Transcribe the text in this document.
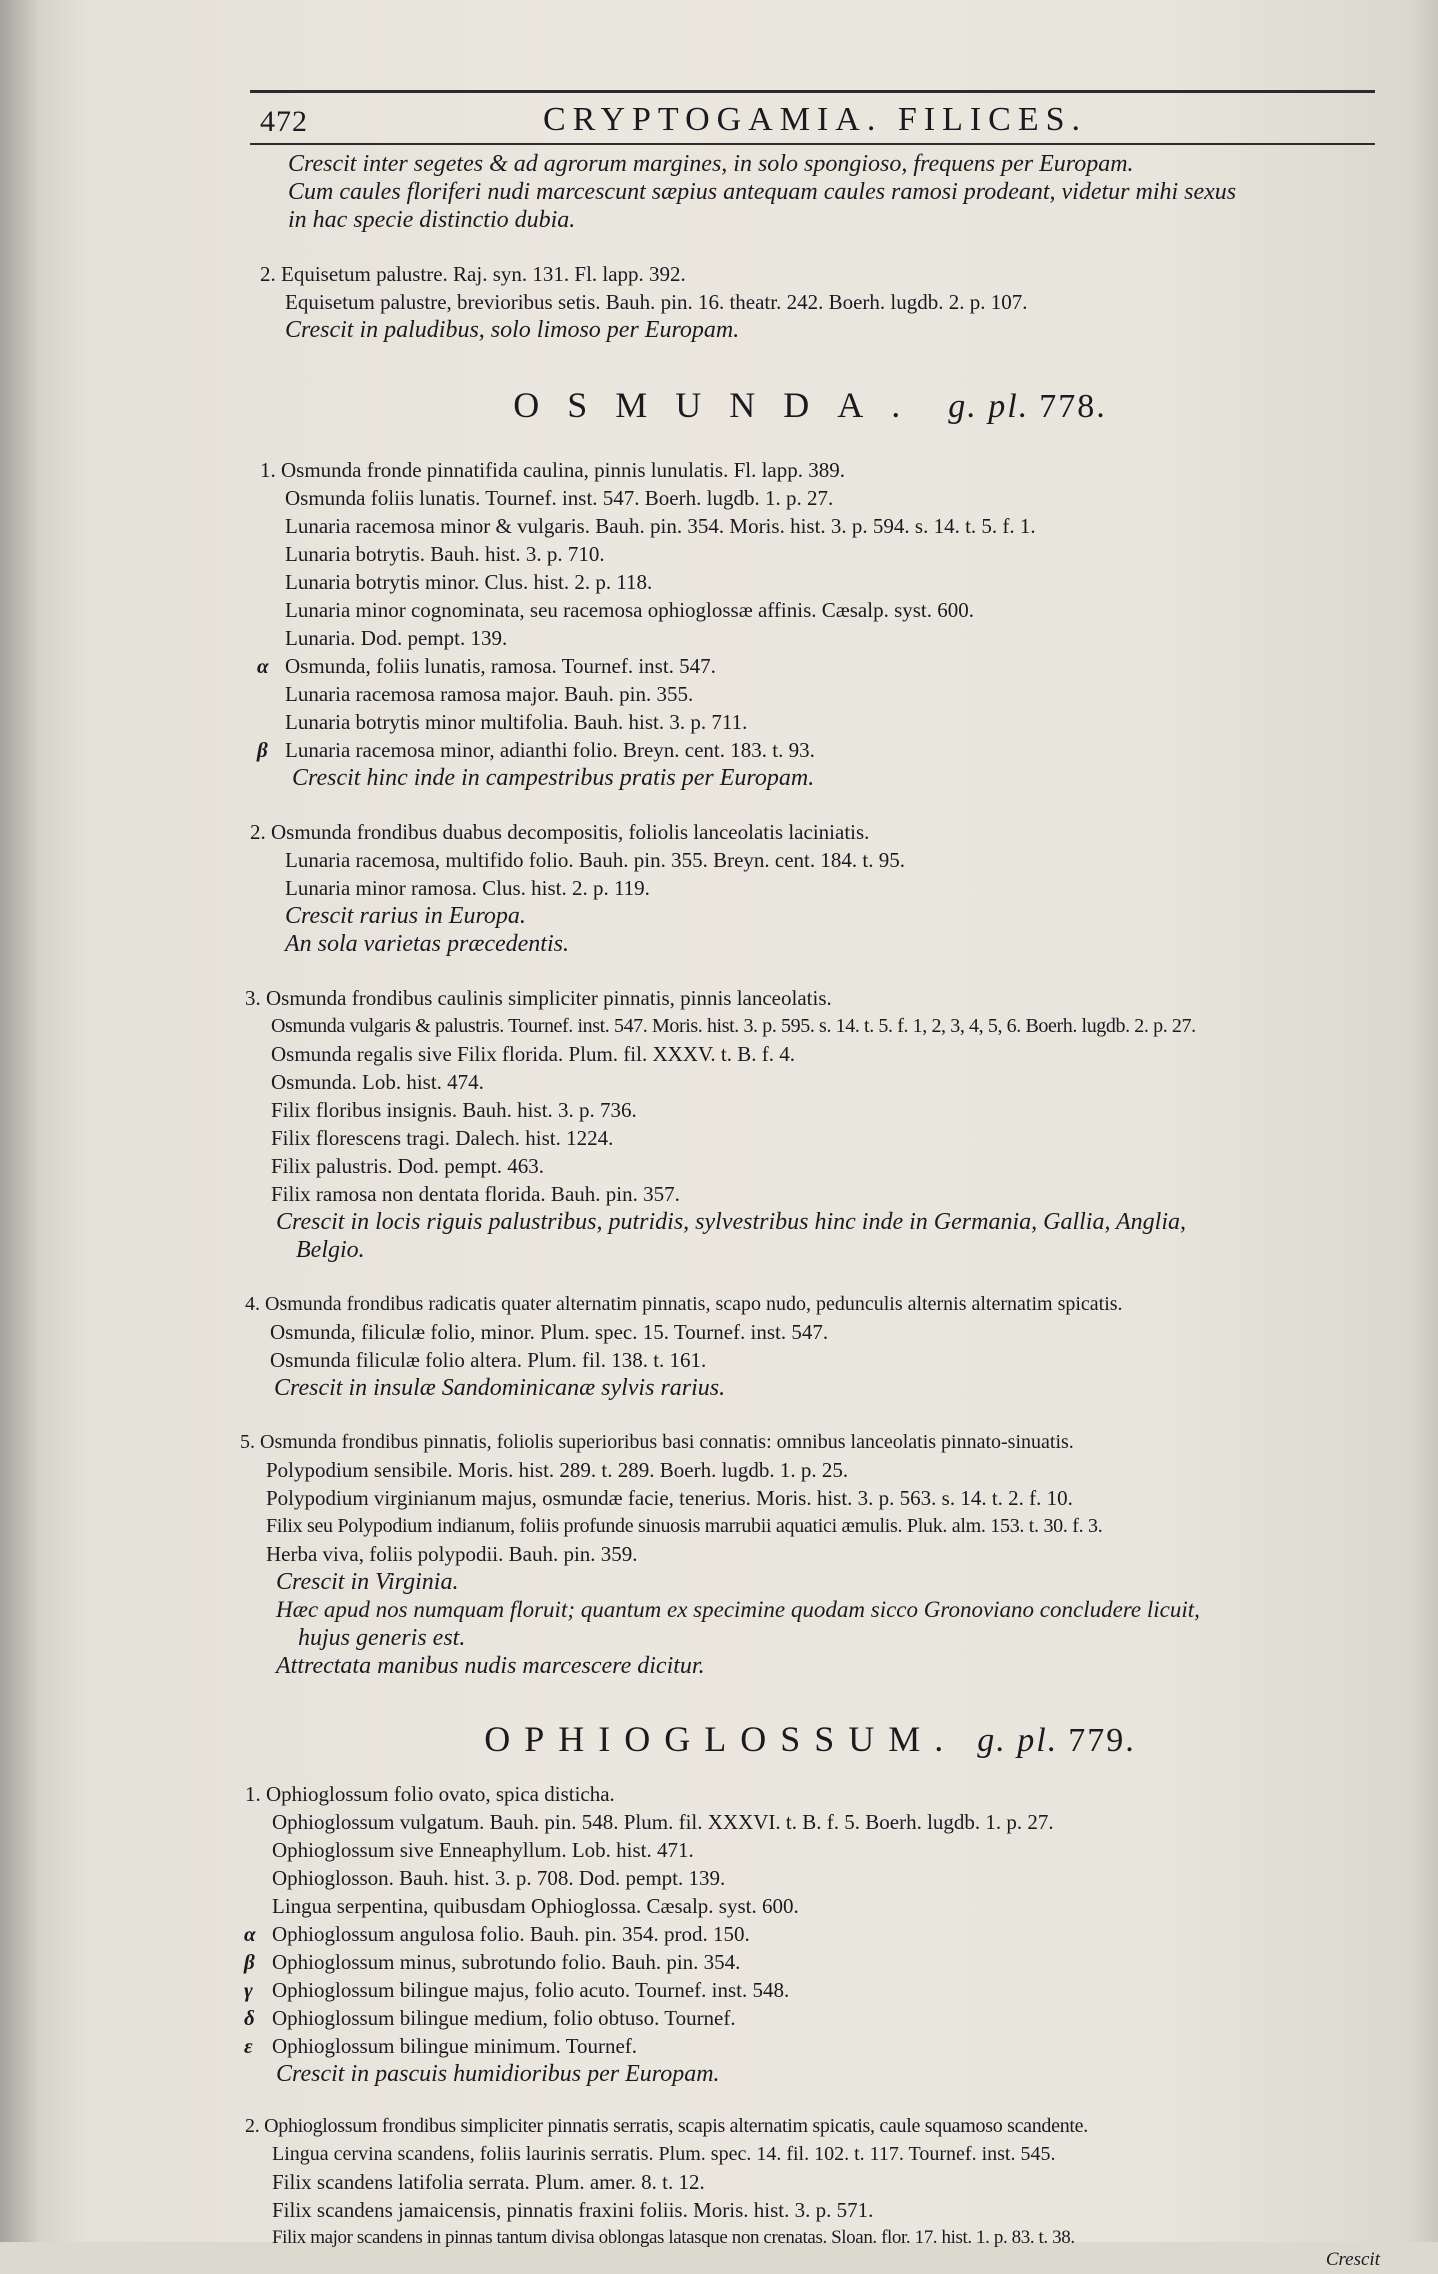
472	CRYPTOGAMIA. FILICES.
Crescit inter segetes & ad agrorum margines, in solo spongioso, frequens per Europam.
Cum caules floriferi nudi marcescunt sæpius antequam caules ramosi prodeant, videtur mihi sexus
in hac specie distinctio dubia.
2. Equisetum palustre. Raj. syn. 131. Fl. lapp. 392.
Equisetum palustre, brevioribus setis. Bauh. pin. 16. theatr. 242. Boerh. lugdb. 2. p. 107.
Crescit in paludibus, solo limoso per Europam.
OSMUNDA. g. pl. 778.
1. Osmunda fronde pinnatifida caulina, pinnis lunulatis. Fl. lapp. 389.
Osmunda foliis lunatis. Tournef. inst. 547. Boerh. lugdb. 1. p. 27.
Lunaria racemosa minor & vulgaris. Bauh. pin. 354. Moris. hist. 3. p. 594. s. 14. t. 5. f. 1.
Lunaria botrytis. Bauh. hist. 3. p. 710.
Lunaria botrytis minor. Clus. hist. 2. p. 118.
Lunaria minor cognominata, seu racemosa ophioglossæ affinis. Cæsalp. syst. 600.
Lunaria. Dod. pempt. 139.
α Osmunda, foliis lunatis, ramosa. Tournef. inst. 547.
Lunaria racemosa ramosa major. Bauh. pin. 355.
Lunaria botrytis minor multifolia. Bauh. hist. 3. p. 711.
β Lunaria racemosa minor, adianthi folio. Breyn. cent. 183. t. 93.
Crescit hinc inde in campestribus pratis per Europam.
2. Osmunda frondibus duabus decompositis, foliolis lanceolatis laciniatis.
Lunaria racemosa, multifido folio. Bauh. pin. 355. Breyn. cent. 184. t. 95.
Lunaria minor ramosa. Clus. hist. 2. p. 119.
Crescit rarius in Europa.
An sola varietas præcedentis.
3. Osmunda frondibus caulinis simpliciter pinnatis, pinnis lanceolatis.
Osmunda vulgaris & palustris. Tournef. inst. 547. Moris. hist. 3. p. 595. s. 14. t. 5. f. 1, 2, 3, 4, 5, 6. Boerh. lugdb. 2. p. 27.
Osmunda regalis sive Filix florida. Plum. fil. XXXV. t. B. f. 4.
Osmunda. Lob. hist. 474.
Filix floribus insignis. Bauh. hist. 3. p. 736.
Filix florescens tragi. Dalech. hist. 1224.
Filix palustris. Dod. pempt. 463.
Filix ramosa non dentata florida. Bauh. pin. 357.
Crescit in locis riguis palustribus, putridis, sylvestribus hinc inde in Germania, Gallia, Anglia,
Belgio.
4. Osmunda frondibus radicatis quater alternatim pinnatis, scapo nudo, pedunculis alternis alternatim spicatis.
Osmunda, filiculæ folio, minor. Plum. spec. 15. Tournef. inst. 547.
Osmunda filiculæ folio altera. Plum. fil. 138. t. 161.
Crescit in insulæ Sandominicanæ sylvis rarius.
5. Osmunda frondibus pinnatis, foliolis superioribus basi connatis: omnibus lanceolatis pinnato-sinuatis.
Polypodium sensibile. Moris. hist. 289. t. 289. Boerh. lugdb. 1. p. 25.
Polypodium virginianum majus, osmundæ facie, tenerius. Moris. hist. 3. p. 563. s. 14. t. 2. f. 10.
Filix seu Polypodium indianum, foliis profunde sinuosis marrubii aquatici æmulis. Pluk. alm. 153. t. 30. f. 3.
Herba viva, foliis polypodii. Bauh. pin. 359.
Crescit in Virginia.
Hæc apud nos numquam floruit; quantum ex specimine quodam sicco Gronoviano concludere licuit,
hujus generis est.
Attrectata manibus nudis marcescere dicitur.
OPHIOGLOSSUM. g. pl. 779.
1. Ophioglossum folio ovato, spica disticha.
Ophioglossum vulgatum. Bauh. pin. 548. Plum. fil. XXXVI. t. B. f. 5. Boerh. lugdb. 1. p. 27.
Ophioglossum sive Enneaphyllum. Lob. hist. 471.
Ophioglosson. Bauh. hist. 3. p. 708. Dod. pempt. 139.
Lingua serpentina, quibusdam Ophioglossa. Cæsalp. syst. 600.
α Ophioglossum angulosa folio. Bauh. pin. 354. prod. 150.
β Ophioglossum minus, subrotundo folio. Bauh. pin. 354.
γ Ophioglossum bilingue majus, folio acuto. Tournef. inst. 548.
δ Ophioglossum bilingue medium, folio obtuso. Tournef.
ε Ophioglossum bilingue minimum. Tournef.
Crescit in pascuis humidioribus per Europam.
2. Ophioglossum frondibus simpliciter pinnatis serratis, scapis alternatim spicatis, caule squamoso scandente.
Lingua cervina scandens, foliis laurinis serratis. Plum. spec. 14. fil. 102. t. 117. Tournef. inst. 545.
Filix scandens latifolia serrata. Plum. amer. 8. t. 12.
Filix scandens jamaicensis, pinnatis fraxini foliis. Moris. hist. 3. p. 571.
Filix major scandens in pinnas tantum divisa oblongas latasque non crenatas. Sloan. flor. 17. hist. 1. p. 83. t. 38.
Crescit
